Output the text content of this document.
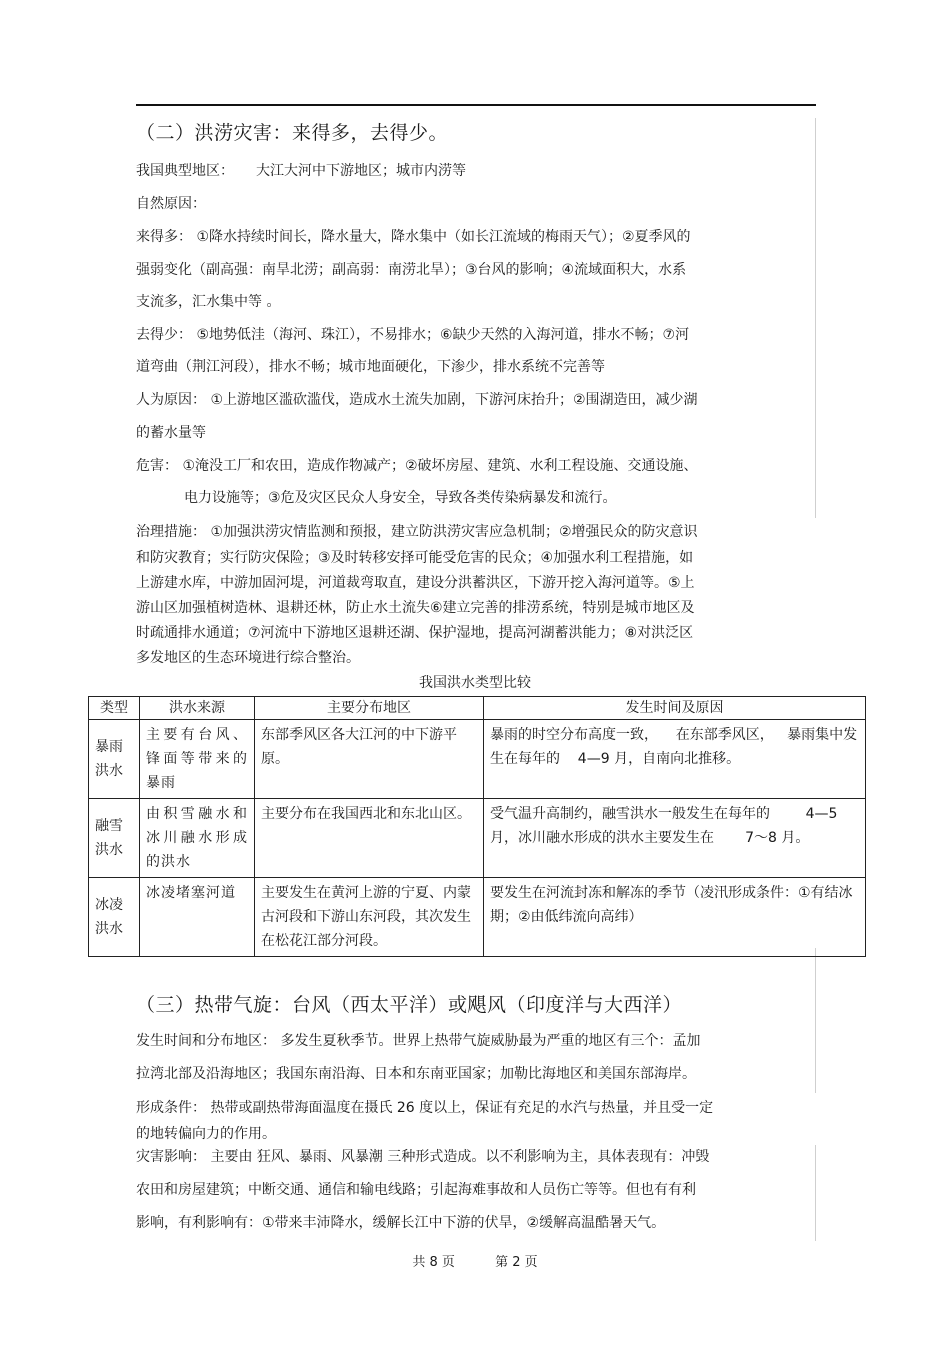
（二）洪涝灾害：来得多，去得少。
我国典型地区： 大江大河中下游地区；城市内涝等
自然原因：
来得多： ①降水持续时间长，降水量大，降水集中（如长江流域的梅雨天气）；②夏季风的
强弱变化（副高强：南旱北涝；副高弱：南涝北旱）；③台风的影响；④流域面积大，水系
支流多，汇水集中等 。
去得少： ⑤地势低洼（海河、珠江），不易排水；⑥缺少天然的入海河道，排水不畅；⑦河
道弯曲（荆江河段），排水不畅；城市地面硬化，下渗少，排水系统不完善等
人为原因： ①上游地区滥砍滥伐，造成水土流失加剧，下游河床抬升；②围湖造田，减少湖
的蓄水量等
危害： ①淹没工厂和农田，造成作物减产；②破坏房屋、建筑、水利工程设施、交通设施、
电力设施等；③危及灾区民众人身安全，导致各类传染病暴发和流行。
治理措施： ①加强洪涝灾情监测和预报，建立防洪涝灾害应急机制；②增强民众的防灾意识
和防灾教育；实行防灾保险；③及时转移安择可能受危害的民众；④加强水利工程措施，如
上游建水库，中游加固河堤，河道裁弯取直，建设分洪蓄洪区，下游开挖入海河道等。⑤上
游山区加强植树造林、退耕还林，防止水土流失⑥建立完善的排涝系统，特别是城市地区及
时疏通排水通道；⑦河流中下游地区退耕还湖、保护湿地，提高河湖蓄洪能力；⑧对洪泛区
多发地区的生态环境进行综合整治。
我国洪水类型比较
类型	洪水来源	主要分布地区	发生时间及原因
暴雨洪水	主要有台风、锋面等带来的暴雨	东部季风区各大江河的中下游平原。	暴雨的时空分布高度一致，    在东部季风区，   暴雨集中发生在每年的    4—9 月，自南向北推移。
融雪洪水	由积雪融水和冰川融水形成的洪水	主要分布在我国西北和东北山区。	受气温升高制约，融雪洪水一般发生在每年的        4—5 月，冰川融水形成的洪水主要发生在       7～8 月。
冰凌洪水	冰凌堵塞河道	主要发生在黄河上游的宁夏、内蒙古河段和下游山东河段，其次发生在松花江部分河段。	要发生在河流封冻和解冻的季节（凌汛形成条件：①有结冰期；②由低纬流向高纬）
（三）热带气旋：台风（西太平洋）或飓风（印度洋与大西洋）
发生时间和分布地区： 多发生夏秋季节。世界上热带气旋威胁最为严重的地区有三个：孟加
拉湾北部及沿海地区；我国东南沿海、日本和东南亚国家；加勒比海地区和美国东部海岸。
形成条件： 热带或副热带海面温度在摄氏 26 度以上，保证有充足的水汽与热量，并且受一定
的地转偏向力的作用。
灾害影响： 主要由 狂风、暴雨、风暴潮 三种形式造成。以不利影响为主，具体表现有：冲毁
农田和房屋建筑；中断交通、通信和输电线路；引起海难事故和人员伤亡等等。但也有有利
影响，有利影响有：①带来丰沛降水，缓解长江中下游的伏旱，②缓解高温酷暑天气。
共 8 页	第 2 页
